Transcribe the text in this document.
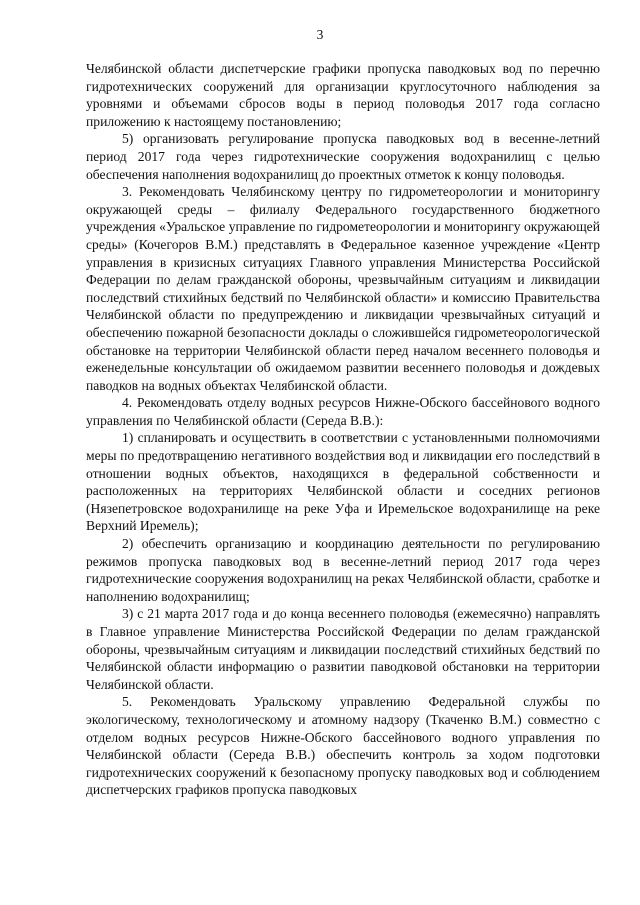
3

Челябинской области диспетчерские графики пропуска паводковых вод по перечню гидротехнических сооружений для организации круглосуточного наблюдения за уровнями и объемами сбросов воды в период половодья 2017 года согласно приложению к настоящему постановлению;

5) организовать регулирование пропуска паводковых вод в весенне-летний период 2017 года через гидротехнические сооружения водохранилищ с целью обеспечения наполнения водохранилищ до проектных отметок к концу половодья.

3. Рекомендовать Челябинскому центру по гидрометеорологии и мониторингу окружающей среды – филиалу Федерального государственного бюджетного учреждения «Уральское управление по гидрометеорологии и мониторингу окружающей среды» (Кочегоров В.М.) представлять в Федеральное казенное учреждение «Центр управления в кризисных ситуациях Главного управления Министерства Российской Федерации по делам гражданской обороны, чрезвычайным ситуациям и ликвидации последствий стихийных бедствий по Челябинской области» и комиссию Правительства Челябинской области по предупреждению и ликвидации чрезвычайных ситуаций и обеспечению пожарной безопасности доклады о сложившейся гидрометеорологической обстановке на территории Челябинской области перед началом весеннего половодья и еженедельные консультации об ожидаемом развитии весеннего половодья и дождевых паводков на водных объектах Челябинской области.

4. Рекомендовать отделу водных ресурсов Нижне-Обского бассейнового водного управления по Челябинской области (Середа В.В.):

1) спланировать и осуществить в соответствии с установленными полномочиями меры по предотвращению негативного воздействия вод и ликвидации его последствий в отношении водных объектов, находящихся в федеральной собственности и расположенных на территориях Челябинской области и соседних регионов (Нязепетровское водохранилище на реке Уфа и Иремельское водохранилище на реке Верхний Иремель);

2) обеспечить организацию и координацию деятельности по регулированию режимов пропуска паводковых вод в весенне-летний период 2017 года через гидротехнические сооружения водохранилищ на реках Челябинской области, сработке и наполнению водохранилищ;

3) с 21 марта 2017 года и до конца весеннего половодья (ежемесячно) направлять в Главное управление Министерства Российской Федерации по делам гражданской обороны, чрезвычайным ситуациям и ликвидации последствий стихийных бедствий по Челябинской области информацию о развитии паводковой обстановки на территории Челябинской области.

5. Рекомендовать Уральскому управлению Федеральной службы по экологическому, технологическому и атомному надзору (Ткаченко В.М.) совместно с отделом водных ресурсов Нижне-Обского бассейнового водного управления по Челябинской области (Середа В.В.) обеспечить контроль за ходом подготовки гидротехнических сооружений к безопасному пропуску паводковых вод и соблюдением диспетчерских графиков пропуска паводковых
